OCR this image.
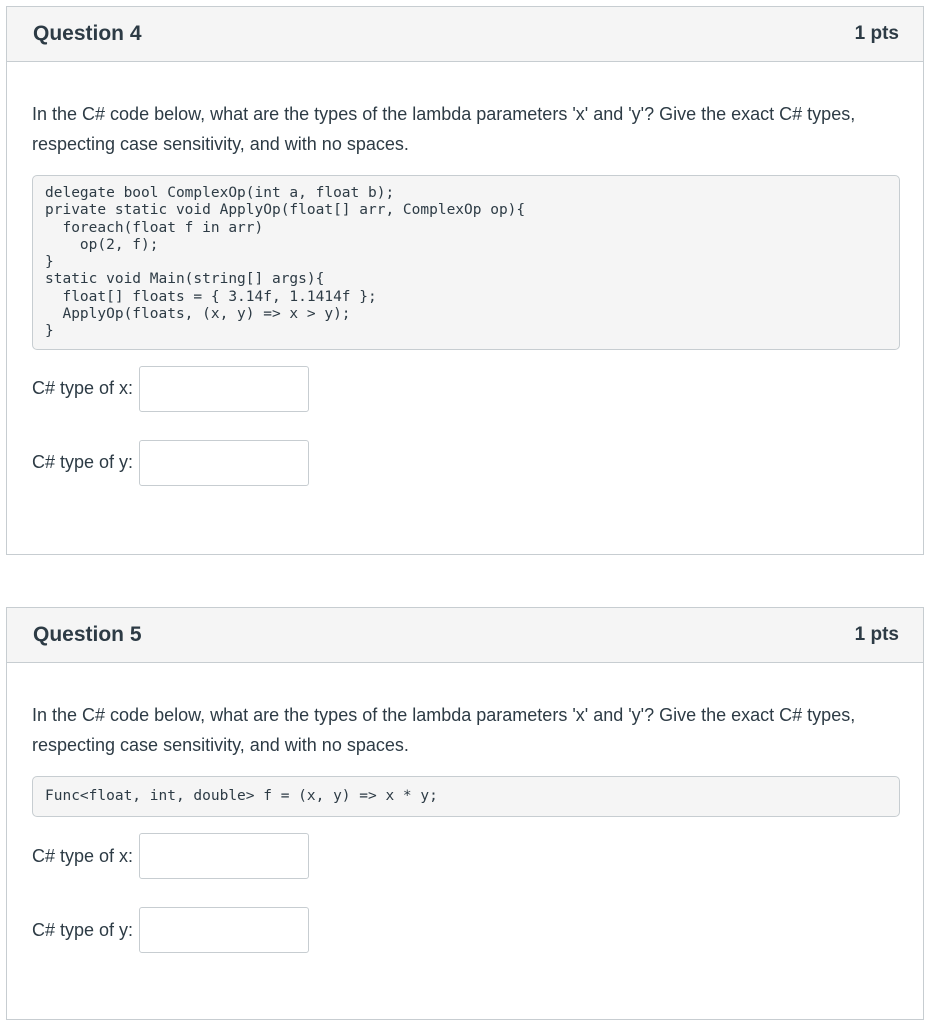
Question 4	1 pts

In the C# code below, what are the types of the lambda parameters 'x' and 'y'? Give the exact C# types, respecting case sensitivity, and with no spaces.

delegate bool ComplexOp(int a, float b);
private static void ApplyOp(float[] arr, ComplexOp op){
foreach(float f in arr)
op(2, f);
}
static void Main(string[] args){
float[] floats = { 3.14f, 1.1414f };
ApplyOp(floats, (x, y) => x > y);
}
C# type of x:
C# type of y:
Question 5	1 pts

In the C# code below, what are the types of the lambda parameters 'x' and 'y'? Give the exact C# types, respecting case sensitivity, and with no spaces.

Func<float, int, double> f = (x, y) => x * y;
C# type of x:
C# type of y:
